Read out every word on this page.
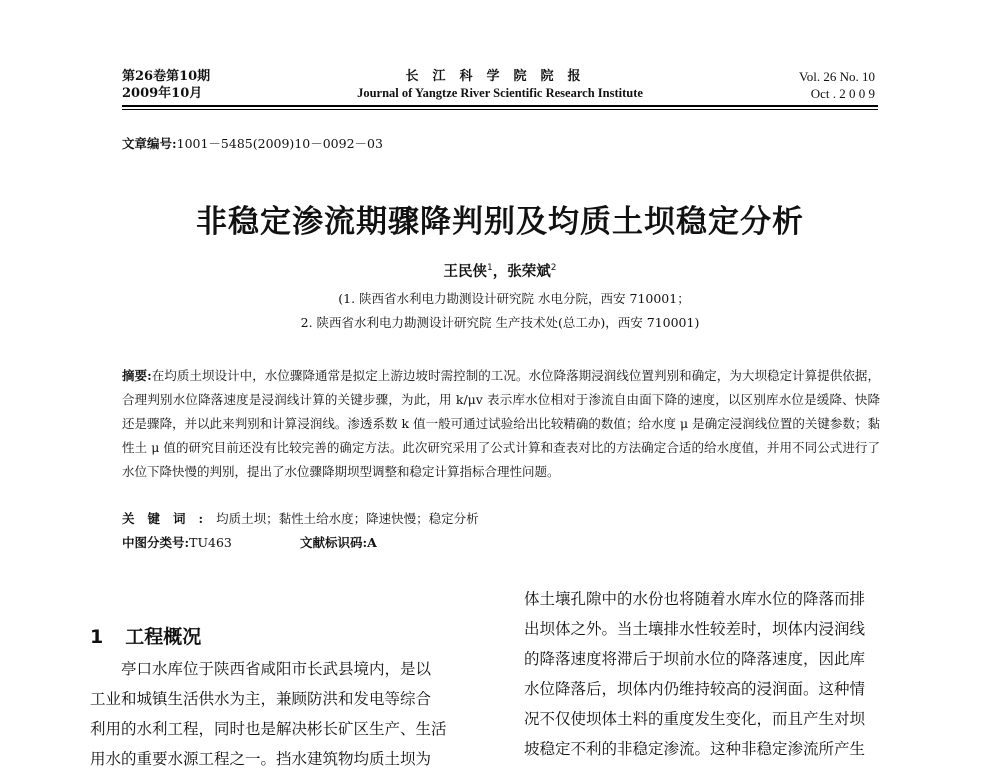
第26卷第10期
2009年10月
长江科学院院报
Journal of Yangtze River Scientific Research Institute
Vol. 26 No. 10
Oct . 2 0 0 9
文章编号:1001－5485(2009)10－0092－03
非稳定渗流期骤降判别及均质土坝稳定分析
王民侠$^1$，张荣斌$^2$
(1. 陕西省水利电力勘测设计研究院 水电分院，西安 710001；
2. 陕西省水利电力勘测设计研究院 生产技术处(总工办)，西安 710001)
摘要:在均质土坝设计中，水位骤降通常是拟定上游边坡时需控制的工况。水位降落期浸润线位置判别和确定，为大坝稳定计算提供依据，合理判别水位降落速度是浸润线计算的关键步骤，为此，用 k/μv 表示库水位相对于渗流自由面下降的速度，以区别库水位是缓降、快降还是骤降，并以此来判别和计算浸润线。渗透系数 k 值一般可通过试验给出比较精确的数值；给水度 μ 是确定浸润线位置的关键参数；黏性土 μ 值的研究目前还没有比较完善的确定方法。此次研究采用了公式计算和查表对比的方法确定合适的给水度值，并用不同公式进行了水位下降快慢的判别，提出了水位骤降期坝型调整和稳定计算指标合理性问题。
关键词:均质土坝；黏性土给水度；降速快慢；稳定分析
中图分类号:TU463	文献标识码:A
1 工程概况
亭口水库位于陕西省咸阳市长武县境内，是以
工业和城镇生活供水为主，兼顾防洪和发电等综合
利用的水利工程，同时也是解决彬长矿区生产、生活
用水的重要水源工程之一。挡水建筑物均质土坝为
体土壤孔隙中的水份也将随着水库水位的降落而排
出坝体之外。当土壤排水性较差时，坝体内浸润线
的降落速度将滞后于坝前水位的降落速度，因此库
水位降落后，坝体内仍维持较高的浸润面。这种情
况不仅使坝体土料的重度发生变化，而且产生对坝
坡稳定不利的非稳定渗流。这种非稳定渗流所产生
